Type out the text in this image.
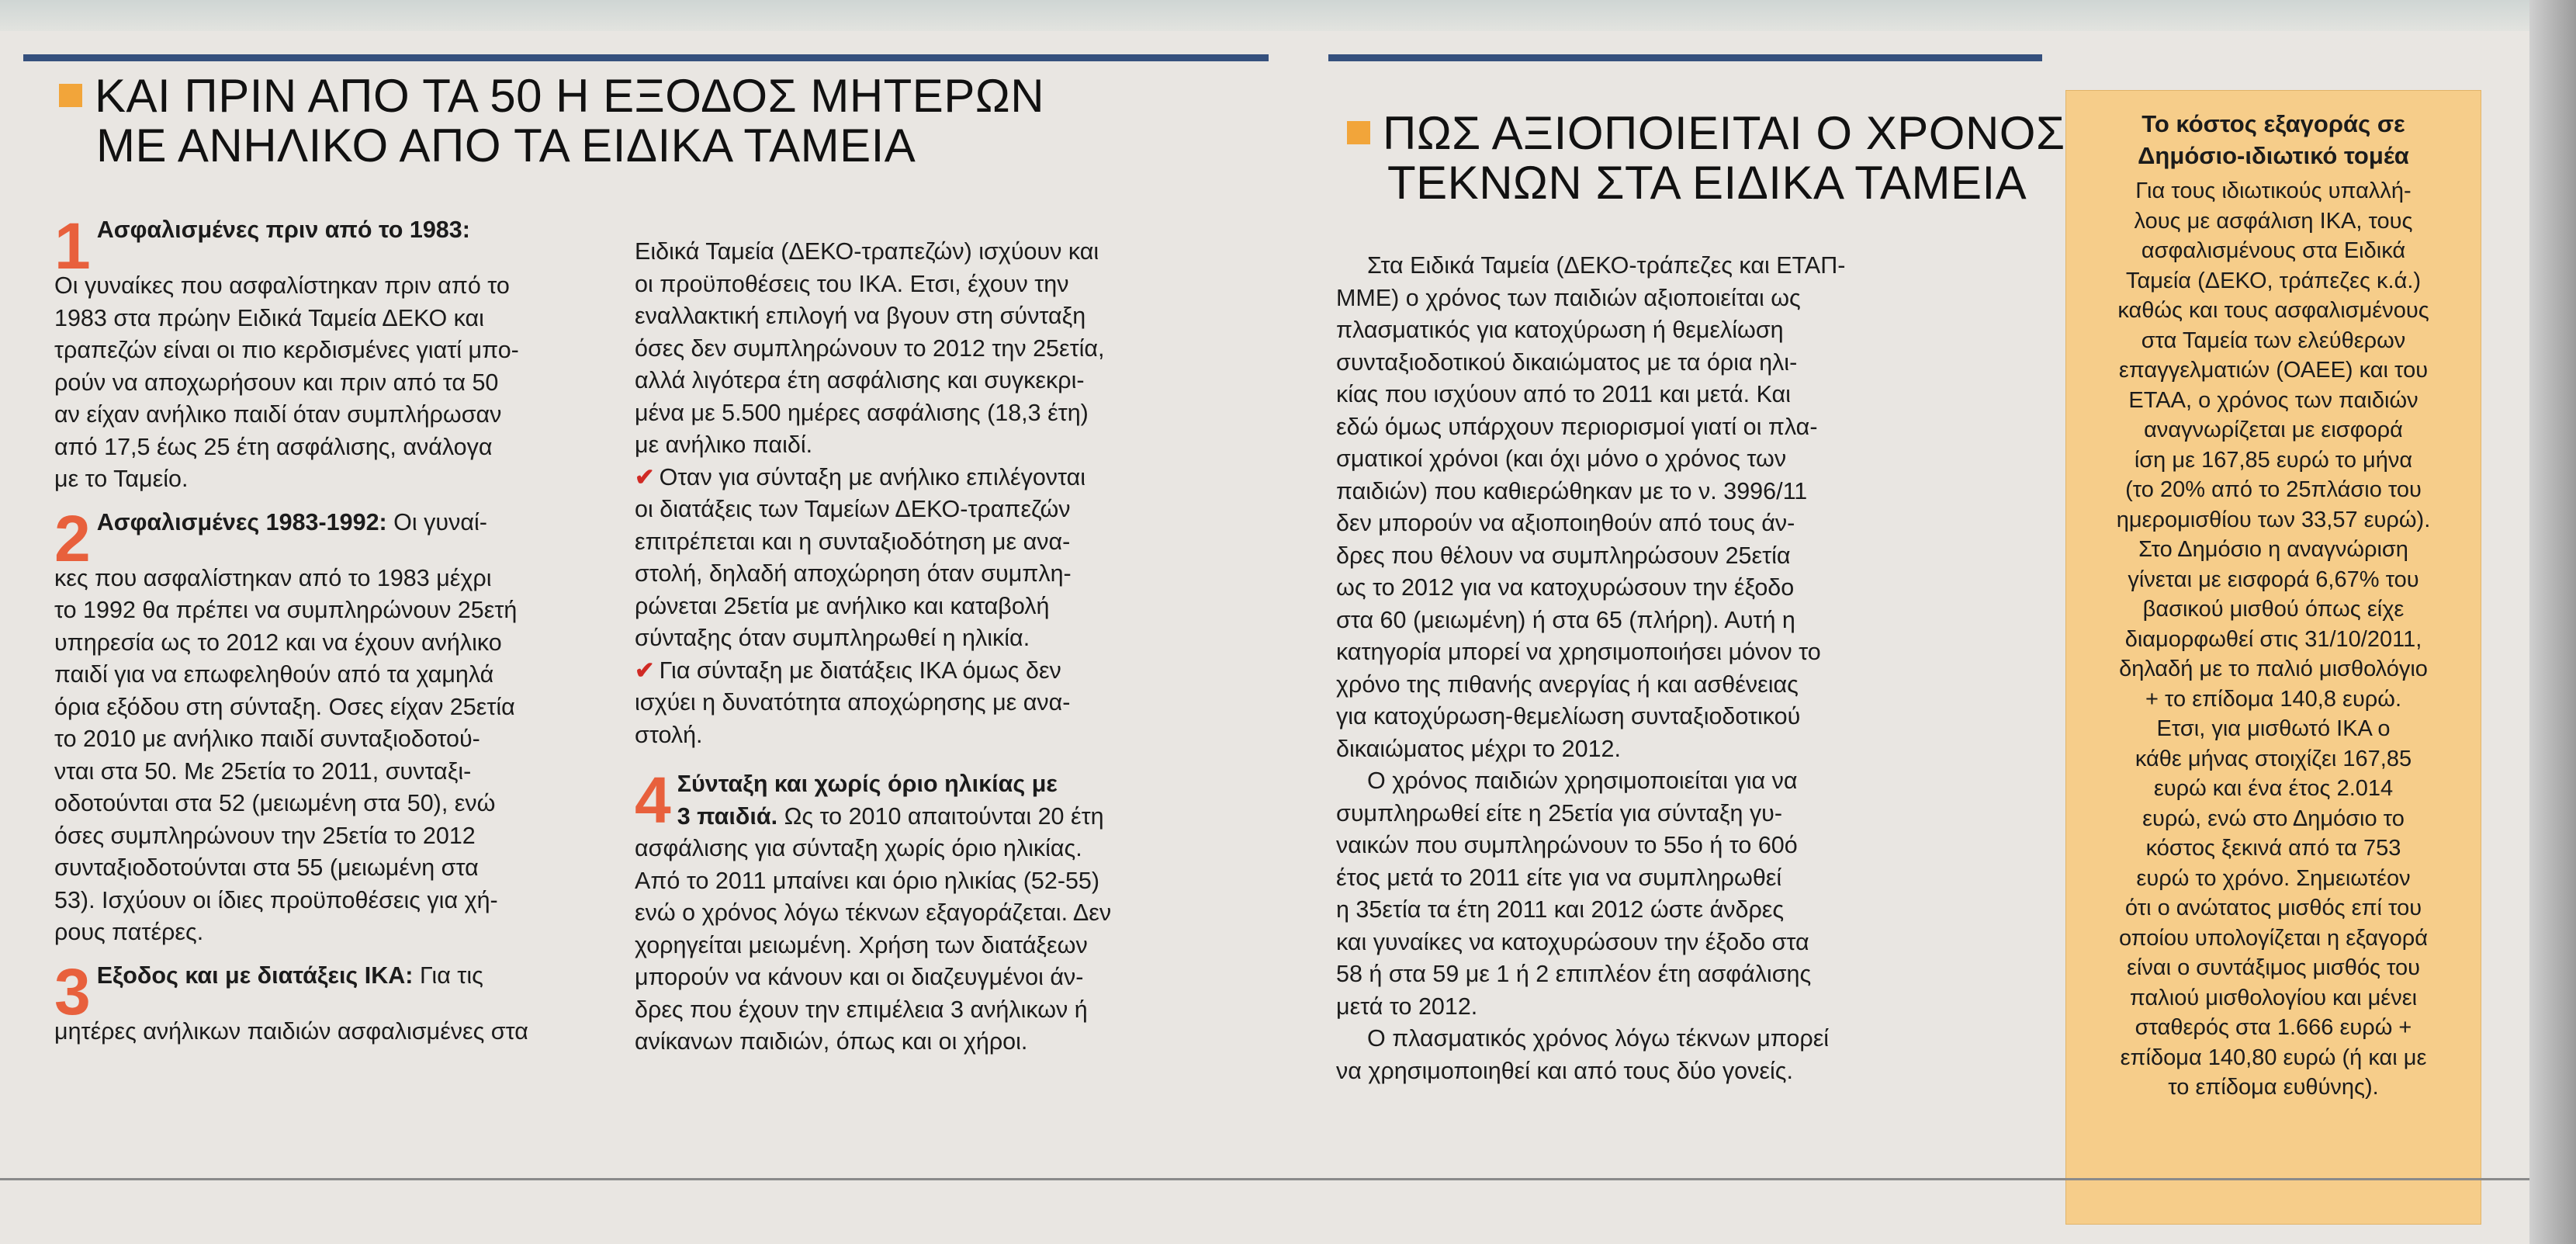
ΚΑΙ ΠΡΙΝ ΑΠΟ ΤΑ 50 Η ΕΞΟΔΟΣ ΜΗΤΕΡΩΝ
ΜΕ ΑΝΗΛΙΚΟ ΑΠΟ ΤΑ ΕΙΔΙΚΑ ΤΑΜΕΙΑ
1 Ασφαλισμένες πριν από το 1983:
Οι γυναίκες που ασφαλίστηκαν πριν από το
1983 στα πρώην Ειδικά Ταμεία ΔΕΚΟ και
τραπεζών είναι οι πιο κερδισμένες γιατί μπο-
ρούν να αποχωρήσουν και πριν από τα 50
αν είχαν ανήλικο παιδί όταν συμπλήρωσαν
από 17,5 έως 25 έτη ασφάλισης, ανάλογα
με το Ταμείο.
2 Ασφαλισμένες 1983-1992: Οι γυναί-
κες που ασφαλίστηκαν από το 1983 μέχρι
το 1992 θα πρέπει να συμπληρώνουν 25ετή
υπηρεσία ως το 2012 και να έχουν ανήλικο
παιδί για να επωφεληθούν από τα χαμηλά
όρια εξόδου στη σύνταξη. Οσες είχαν 25ετία
το 2010 με ανήλικο παιδί συνταξιοδοτού-
νται στα 50. Με 25ετία το 2011, συνταξι-
οδοτούνται στα 52 (μειωμένη στα 50), ενώ
όσες συμπληρώνουν την 25ετία το 2012
συνταξιοδοτούνται στα 55 (μειωμένη στα
53). Ισχύουν οι ίδιες προϋποθέσεις για χή-
ρους πατέρες.
3 Εξοδος και με διατάξεις ΙΚΑ: Για τις
μητέρες ανήλικων παιδιών ασφαλισμένες στα
Ειδικά Ταμεία (ΔΕΚΟ-τραπεζών) ισχύουν και
οι προϋποθέσεις του ΙΚΑ. Ετσι, έχουν την
εναλλακτική επιλογή να βγουν στη σύνταξη
όσες δεν συμπληρώνουν το 2012 την 25ετία,
αλλά λιγότερα έτη ασφάλισης και συγκεκρι-
μένα με 5.500 ημέρες ασφάλισης (18,3 έτη)
με ανήλικο παιδί.
✔ Οταν για σύνταξη με ανήλικο επιλέγονται
οι διατάξεις των Ταμείων ΔΕΚΟ-τραπεζών
επιτρέπεται και η συνταξιοδότηση με ανα-
στολή, δηλαδή αποχώρηση όταν συμπλη-
ρώνεται 25ετία με ανήλικο και καταβολή
σύνταξης όταν συμπληρωθεί η ηλικία.
✔ Για σύνταξη με διατάξεις ΙΚΑ όμως δεν
ισχύει η δυνατότητα αποχώρησης με ανα-
στολή.
4 Σύνταξη και χωρίς όριο ηλικίας με
3 παιδιά. Ως το 2010 απαιτούνται 20 έτη
ασφάλισης για σύνταξη χωρίς όριο ηλικίας.
Από το 2011 μπαίνει και όριο ηλικίας (52-55)
ενώ ο χρόνος λόγω τέκνων εξαγοράζεται. Δεν
χορηγείται μειωμένη. Χρήση των διατάξεων
μπορούν να κάνουν και οι διαζευγμένοι άν-
δρες που έχουν την επιμέλεια 3 ανήλικων ή
ανίκανων παιδιών, όπως και οι χήροι.
ΠΩΣ ΑΞΙΟΠΟΙΕΙΤΑΙ Ο ΧΡΟΝΟΣ
ΤΕΚΝΩΝ ΣΤΑ ΕΙΔΙΚΑ ΤΑΜΕΙΑ
Στα Ειδικά Ταμεία (ΔΕΚΟ-τράπεζες και ΕΤΑΠ-
ΜΜΕ) ο χρόνος των παιδιών αξιοποιείται ως
πλασματικός για κατοχύρωση ή θεμελίωση
συνταξιοδοτικού δικαιώματος με τα όρια ηλι-
κίας που ισχύουν από το 2011 και μετά. Και
εδώ όμως υπάρχουν περιορισμοί γιατί οι πλα-
σματικοί χρόνοι (και όχι μόνο ο χρόνος των
παιδιών) που καθιερώθηκαν με το ν. 3996/11
δεν μπορούν να αξιοποιηθούν από τους άν-
δρες που θέλουν να συμπληρώσουν 25ετία
ως το 2012 για να κατοχυρώσουν την έξοδο
στα 60 (μειωμένη) ή στα 65 (πλήρη). Αυτή η
κατηγορία μπορεί να χρησιμοποιήσει μόνον το
χρόνο της πιθανής ανεργίας ή και ασθένειας
για κατοχύρωση-θεμελίωση συνταξιοδοτικού
δικαιώματος μέχρι το 2012.
Ο χρόνος παιδιών χρησιμοποιείται για να
συμπληρωθεί είτε η 25ετία για σύνταξη γυ-
ναικών που συμπληρώνουν το 55ο ή το 60ό
έτος μετά το 2011 είτε για να συμπληρωθεί
η 35ετία τα έτη 2011 και 2012 ώστε άνδρες
και γυναίκες να κατοχυρώσουν την έξοδο στα
58 ή στα 59 με 1 ή 2 επιπλέον έτη ασφάλισης
μετά το 2012.
Ο πλασματικός χρόνος λόγω τέκνων μπορεί
να χρησιμοποιηθεί και από τους δύο γονείς.
Το κόστος εξαγοράς σε
Δημόσιο-ιδιωτικό τομέα
Για τους ιδιωτικούς υπαλλή-
λους με ασφάλιση ΙΚΑ, τους
ασφαλισμένους στα Ειδικά
Ταμεία (ΔΕΚΟ, τράπεζες κ.ά.)
καθώς και τους ασφαλισμένους
στα Ταμεία των ελεύθερων
επαγγελματιών (ΟΑΕΕ) και του
ΕΤΑΑ, ο χρόνος των παιδιών
αναγνωρίζεται με εισφορά
ίση με 167,85 ευρώ το μήνα
(το 20% από το 25πλάσιο του
ημερομισθίου των 33,57 ευρώ).
Στο Δημόσιο η αναγνώριση
γίνεται με εισφορά 6,67% του
βασικού μισθού όπως είχε
διαμορφωθεί στις 31/10/2011,
δηλαδή με το παλιό μισθολόγιο
+ το επίδομα 140,8 ευρώ.
Ετσι, για μισθωτό ΙΚΑ ο
κάθε μήνας στοιχίζει 167,85
ευρώ και ένα έτος 2.014
ευρώ, ενώ στο Δημόσιο το
κόστος ξεκινά από τα 753
ευρώ το χρόνο. Σημειωτέον
ότι ο ανώτατος μισθός επί του
οποίου υπολογίζεται η εξαγορά
είναι ο συντάξιμος μισθός του
παλιού μισθολογίου και μένει
σταθερός στα 1.666 ευρώ +
επίδομα 140,80 ευρώ (ή και με
το επίδομα ευθύνης).
